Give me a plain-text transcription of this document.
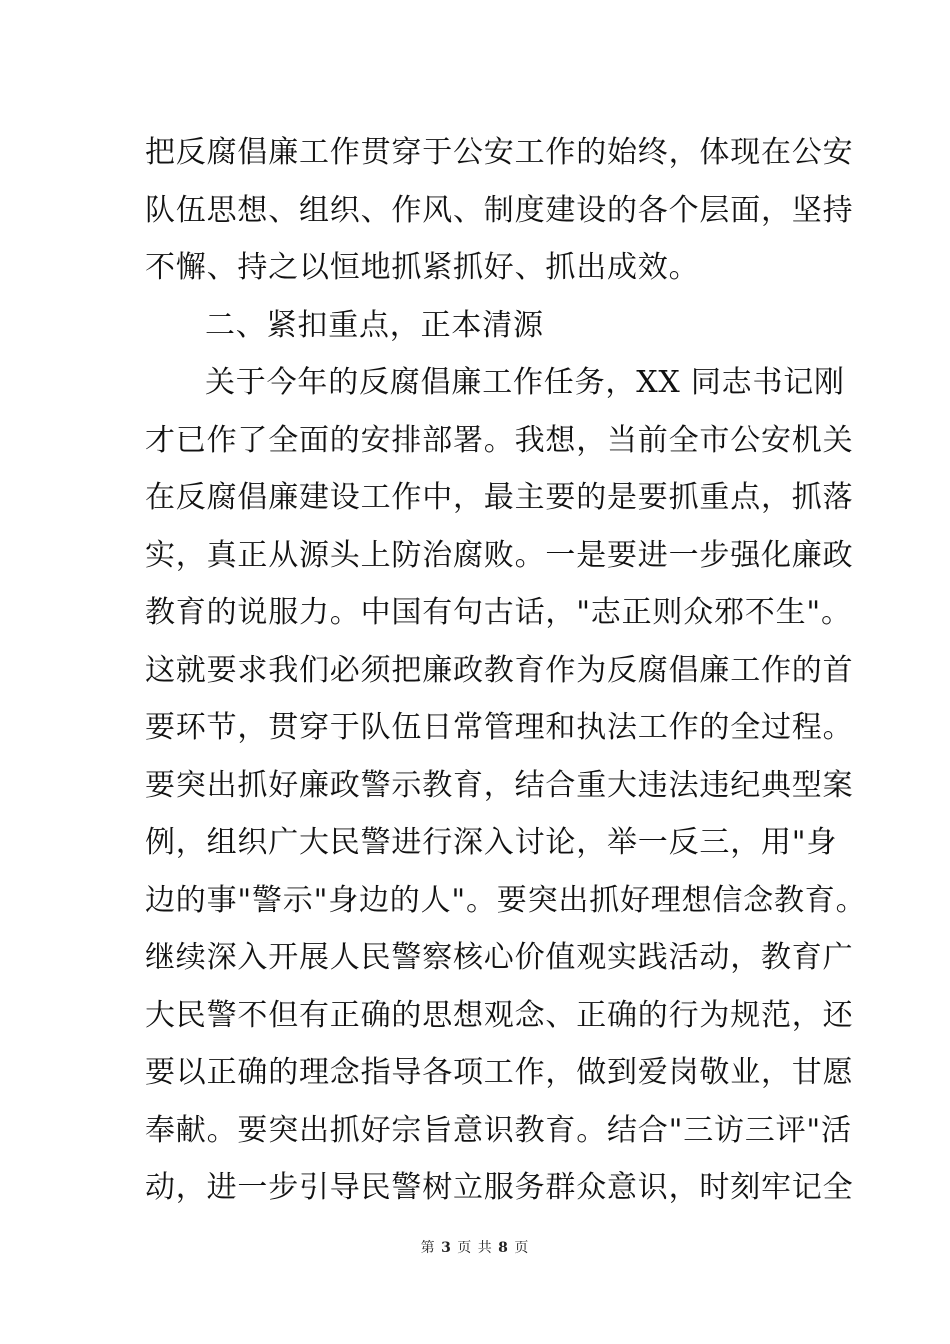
把反腐倡廉工作贯穿于公安工作的始终，体现在公安
队伍思想、组织、作风、制度建设的各个层面，坚持
不懈、持之以恒地抓紧抓好、抓出成效。
二、紧扣重点，正本清源
关于今年的反腐倡廉工作任务，XX 同志书记刚
才已作了全面的安排部署。我想，当前全市公安机关
在反腐倡廉建设工作中，最主要的是要抓重点，抓落
实，真正从源头上防治腐败。一是要进一步强化廉政
教育的说服力。中国有句古话，"志正则众邪不生"。
这就要求我们必须把廉政教育作为反腐倡廉工作的首
要环节，贯穿于队伍日常管理和执法工作的全过程。
要突出抓好廉政警示教育，结合重大违法违纪典型案
例，组织广大民警进行深入讨论，举一反三，用"身
边的事"警示"身边的人"。要突出抓好理想信念教育。
继续深入开展人民警察核心价值观实践活动，教育广
大民警不但有正确的思想观念、正确的行为规范，还
要以正确的理念指导各项工作，做到爱岗敬业，甘愿
奉献。要突出抓好宗旨意识教育。结合"三访三评"活
动，进一步引导民警树立服务群众意识，时刻牢记全
第 3 页 共 8 页
